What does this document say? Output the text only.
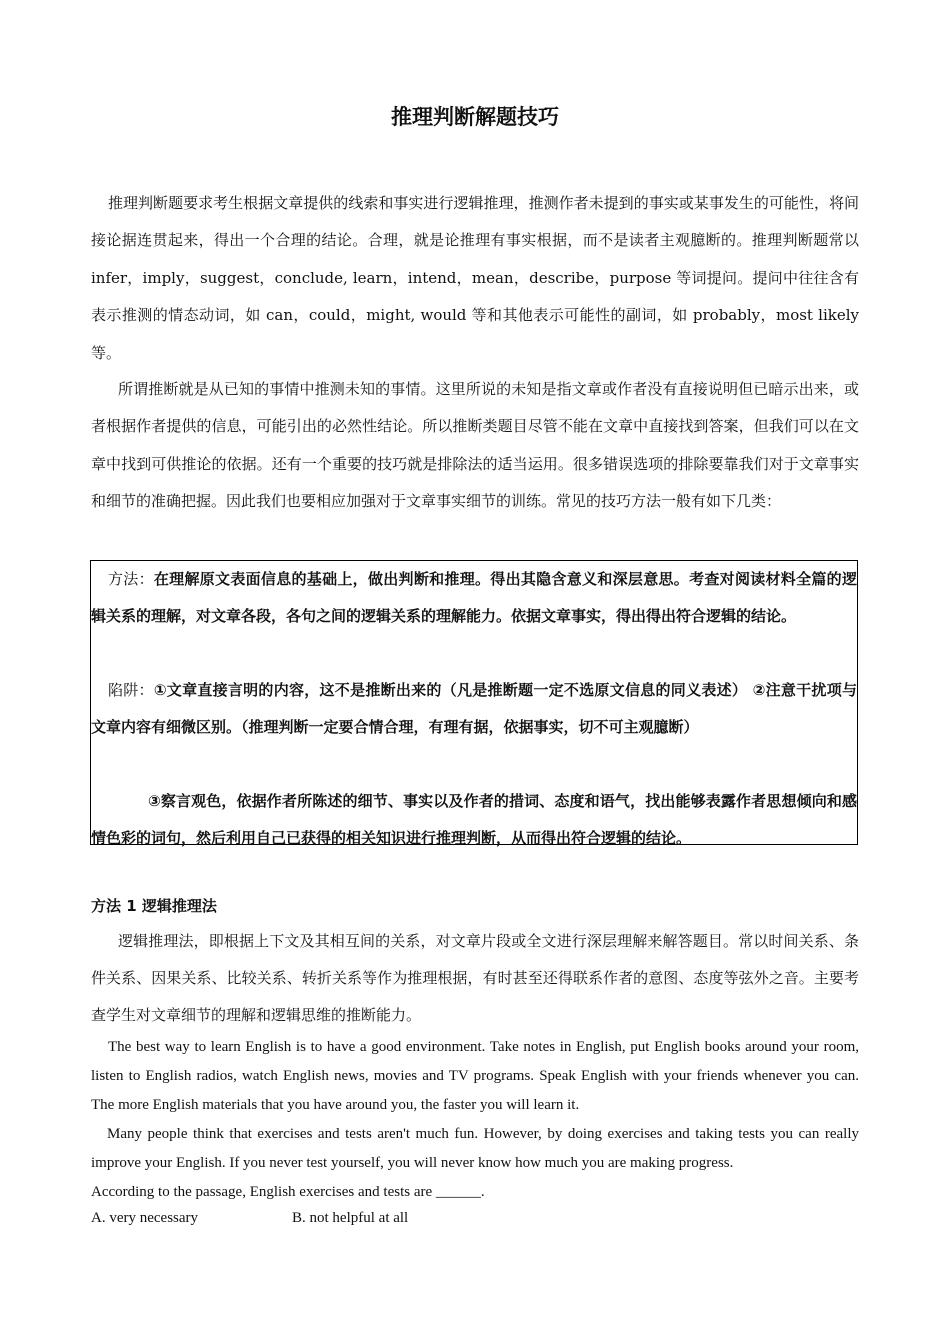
推理判断解题技巧

推理判断题要求考生根据文章提供的线索和事实进行逻辑推理，推测作者未提到的事实或某事发生的可能性，将间接论据连贯起来，得出一个合理的结论。合理，就是论推理有事实根据，而不是读者主观臆断的。推理判断题常以 infer，imply，suggest，conclude, learn，intend，mean，describe，purpose 等词提问。提问中往往含有表示推测的情态动词，如 can，could，might, would 等和其他表示可能性的副词，如 probably，most likely 等。

所谓推断就是从已知的事情中推测未知的事情。这里所说的未知是指文章或作者没有直接说明但已暗示出来，或者根据作者提供的信息，可能引出的必然性结论。所以推断类题目尽管不能在文章中直接找到答案，但我们可以在文章中找到可供推论的依据。还有一个重要的技巧就是排除法的适当运用。很多错误选项的排除要靠我们对于文章事实和细节的准确把握。因此我们也要相应加强对于文章事实细节的训练。常见的技巧方法一般有如下几类：

方法：在理解原文表面信息的基础上，做出判断和推理。得出其隐含意义和深层意思。考查对阅读材料全篇的逻辑关系的理解，对文章各段，各句之间的逻辑关系的理解能力。依据文章事实，得出得出符合逻辑的结论。

陷阱：①文章直接言明的内容，这不是推断出来的（凡是推断题一定不选原文信息的同义表述） ②注意干扰项与文章内容有细微区别。（推理判断一定要合情合理，有理有据，依据事实，切不可主观臆断）

③察言观色，依据作者所陈述的细节、事实以及作者的措词、态度和语气，找出能够表露作者思想倾向和感情色彩的词句，然后利用自己已获得的相关知识进行推理判断，从而得出符合逻辑的结论。

方法 1 逻辑推理法

逻辑推理法，即根据上下文及其相互间的关系，对文章片段或全文进行深层理解来解答题目。常以时间关系、条件关系、因果关系、比较关系、转折关系等作为推理根据，有时甚至还得联系作者的意图、态度等弦外之音。主要考查学生对文章细节的理解和逻辑思维的推断能力。

The best way to learn English is to have a good environment. Take notes in English, put English books around your room, listen to English radios, watch English news, movies and TV programs. Speak English with your friends whenever you can. The more English materials that you have around you, the faster you will learn it.

Many people think that exercises and tests aren't much fun. However, by doing exercises and taking tests you can really improve your English. If you never test yourself, you will never know how much you are making progress.

According to the passage, English exercises and tests are ______.

A. very necessary	B. not helpful at all
